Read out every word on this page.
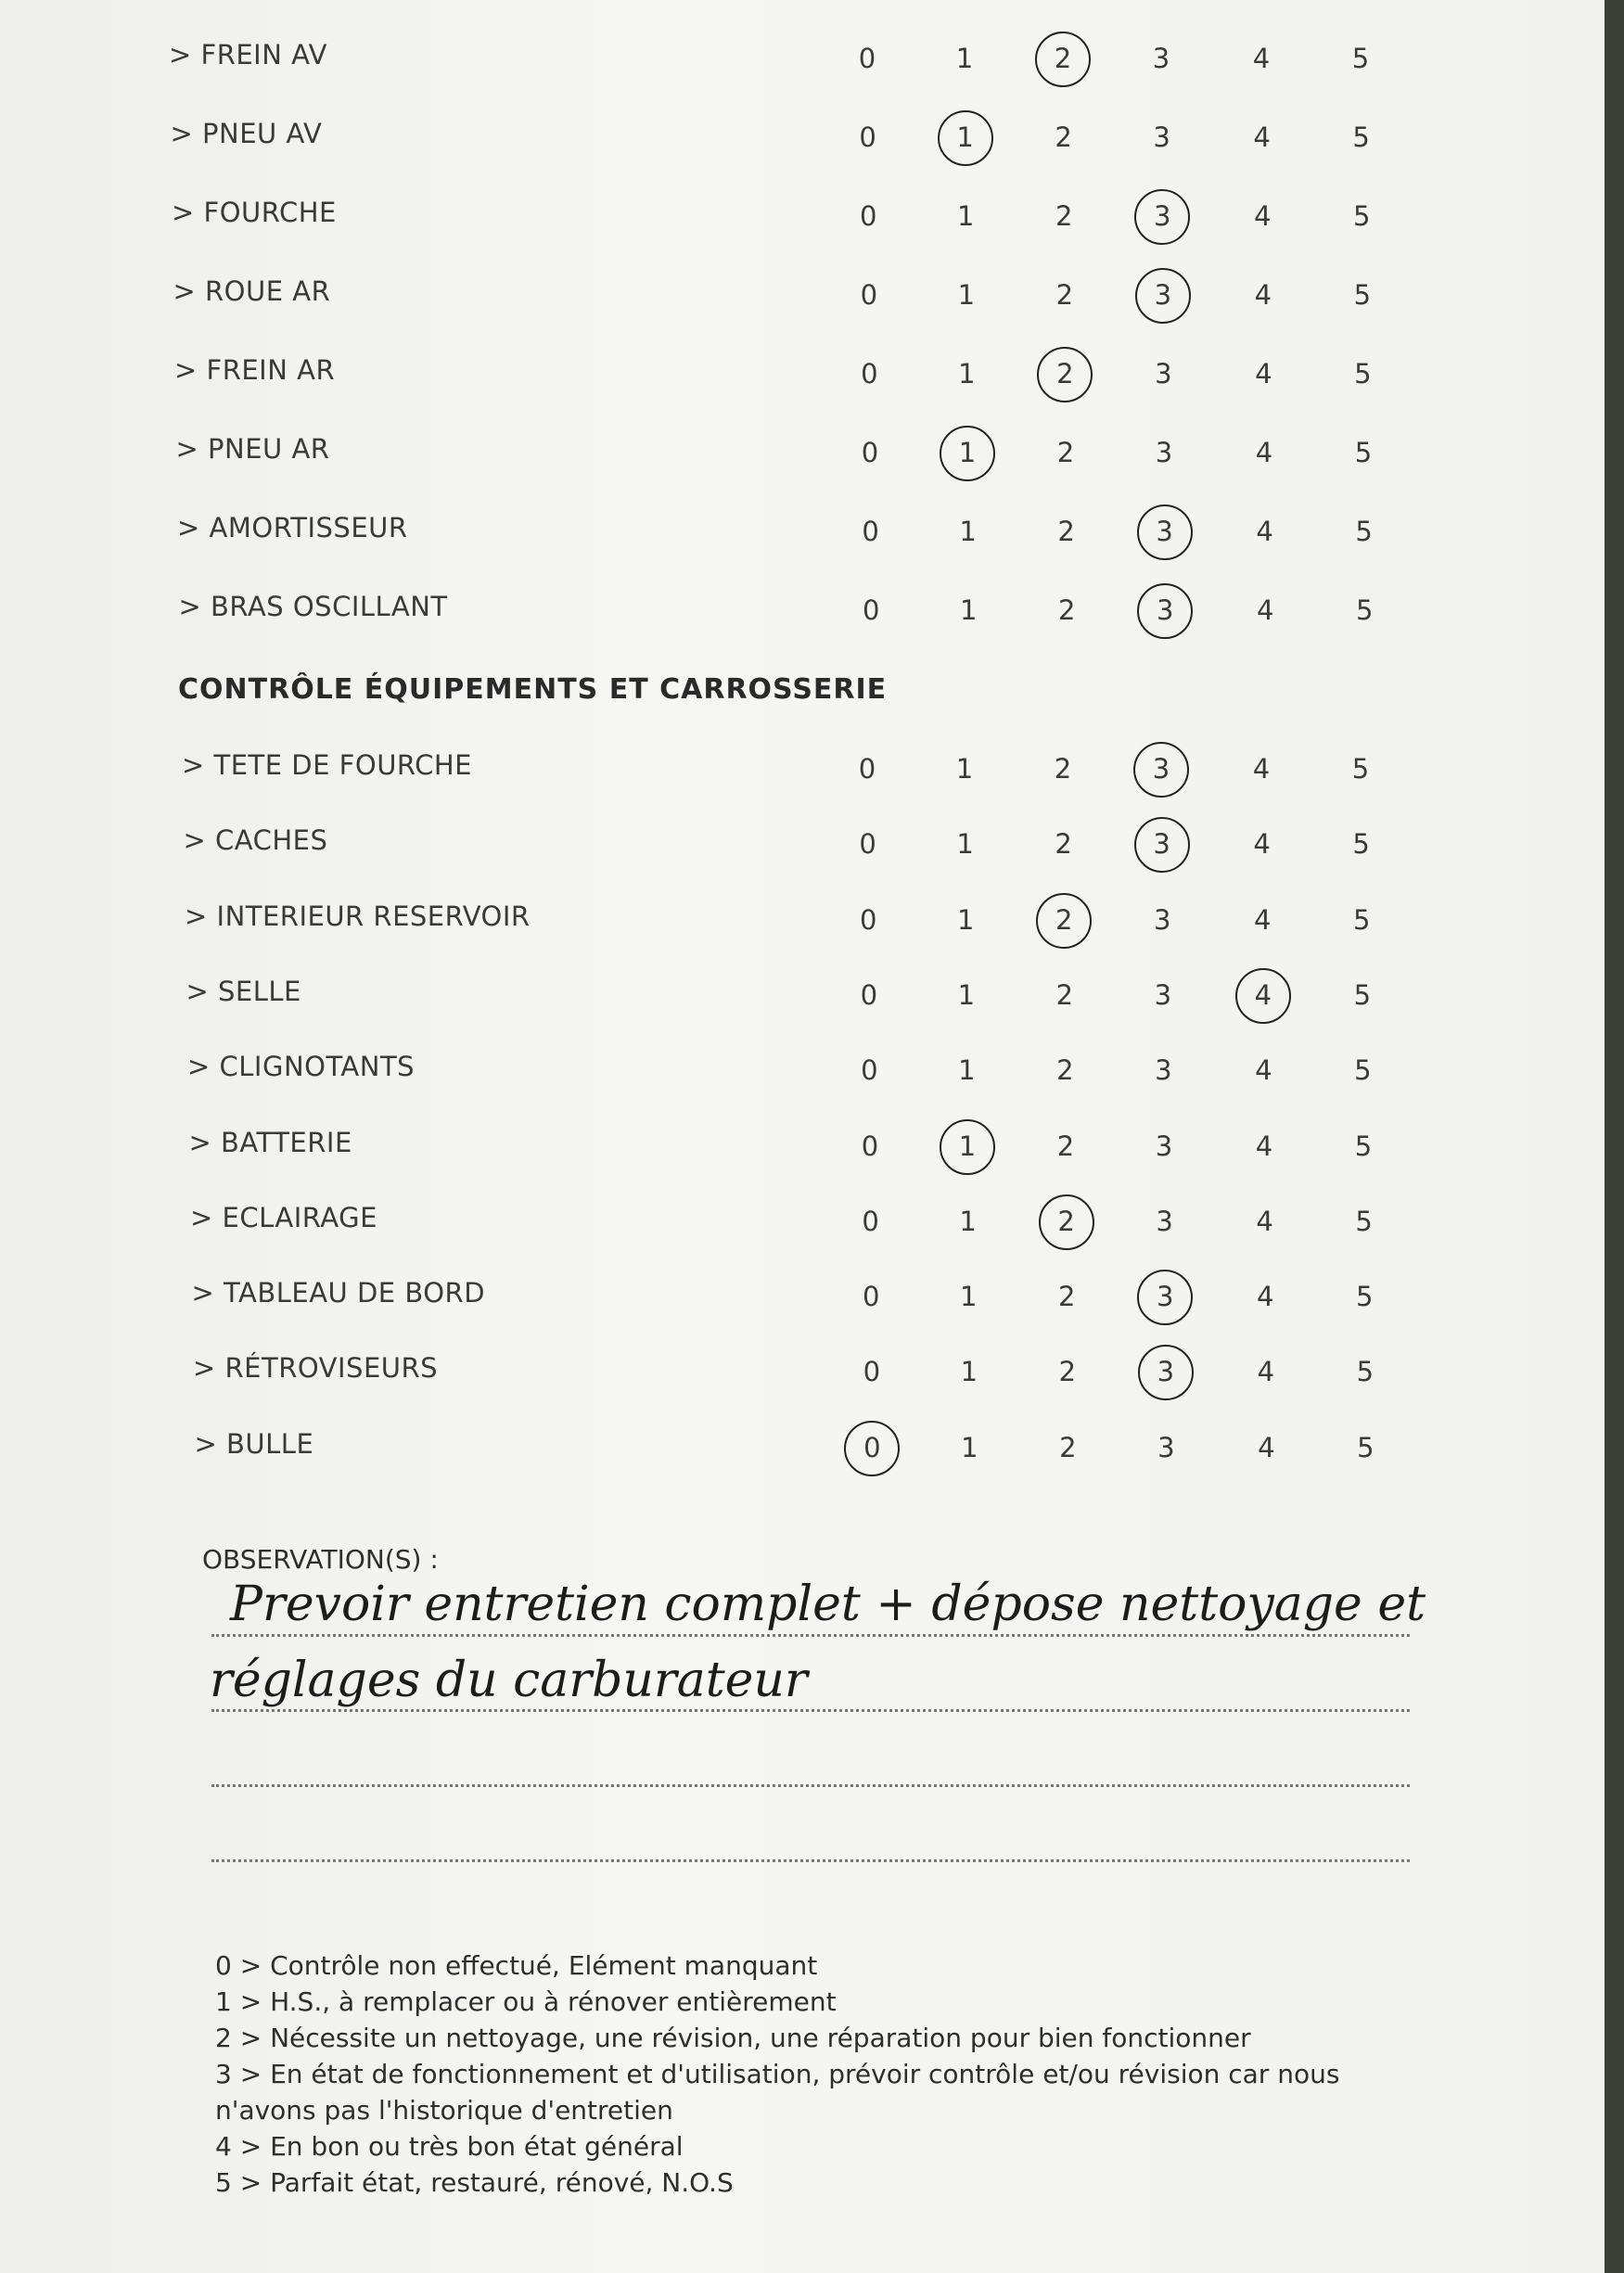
> FREIN AV	0	1	2	3	4	5
> PNEU AV	0	1	2	3	4	5
> FOURCHE	0	1	2	3	4	5
> ROUE AR	0	1	2	3	4	5
> FREIN AR	0	1	2	3	4	5
> PNEU AR	0	1	2	3	4	5
> AMORTISSEUR	0	1	2	3	4	5
> BRAS OSCILLANT	0	1	2	3	4	5
CONTRÔLE ÉQUIPEMENTS ET CARROSSERIE
> TETE DE FOURCHE	0	1	2	3	4	5
> CACHES	0	1	2	3	4	5
> INTERIEUR RESERVOIR	0	1	2	3	4	5
> SELLE	0	1	2	3	4	5
> CLIGNOTANTS	0	1	2	3	4	5
> BATTERIE	0	1	2	3	4	5
> ECLAIRAGE	0	1	2	3	4	5
> TABLEAU DE BORD	0	1	2	3	4	5
> RÉTROVISEURS	0	1	2	3	4	5
> BULLE	0	1	2	3	4	5
OBSERVATION(S) :
Prevoir entretien complet + dépose nettoyage et
réglages du carburateur
0 > Contrôle non effectué, Elément manquant
1 > H.S., à remplacer ou à rénover entièrement
2 > Nécessite un nettoyage, une révision, une réparation pour bien fonctionner
3 > En état de fonctionnement et d'utilisation, prévoir contrôle et/ou révision car nous
n'avons pas l'historique d'entretien
4 > En bon ou très bon état général
5 > Parfait état, restauré, rénové, N.O.S
